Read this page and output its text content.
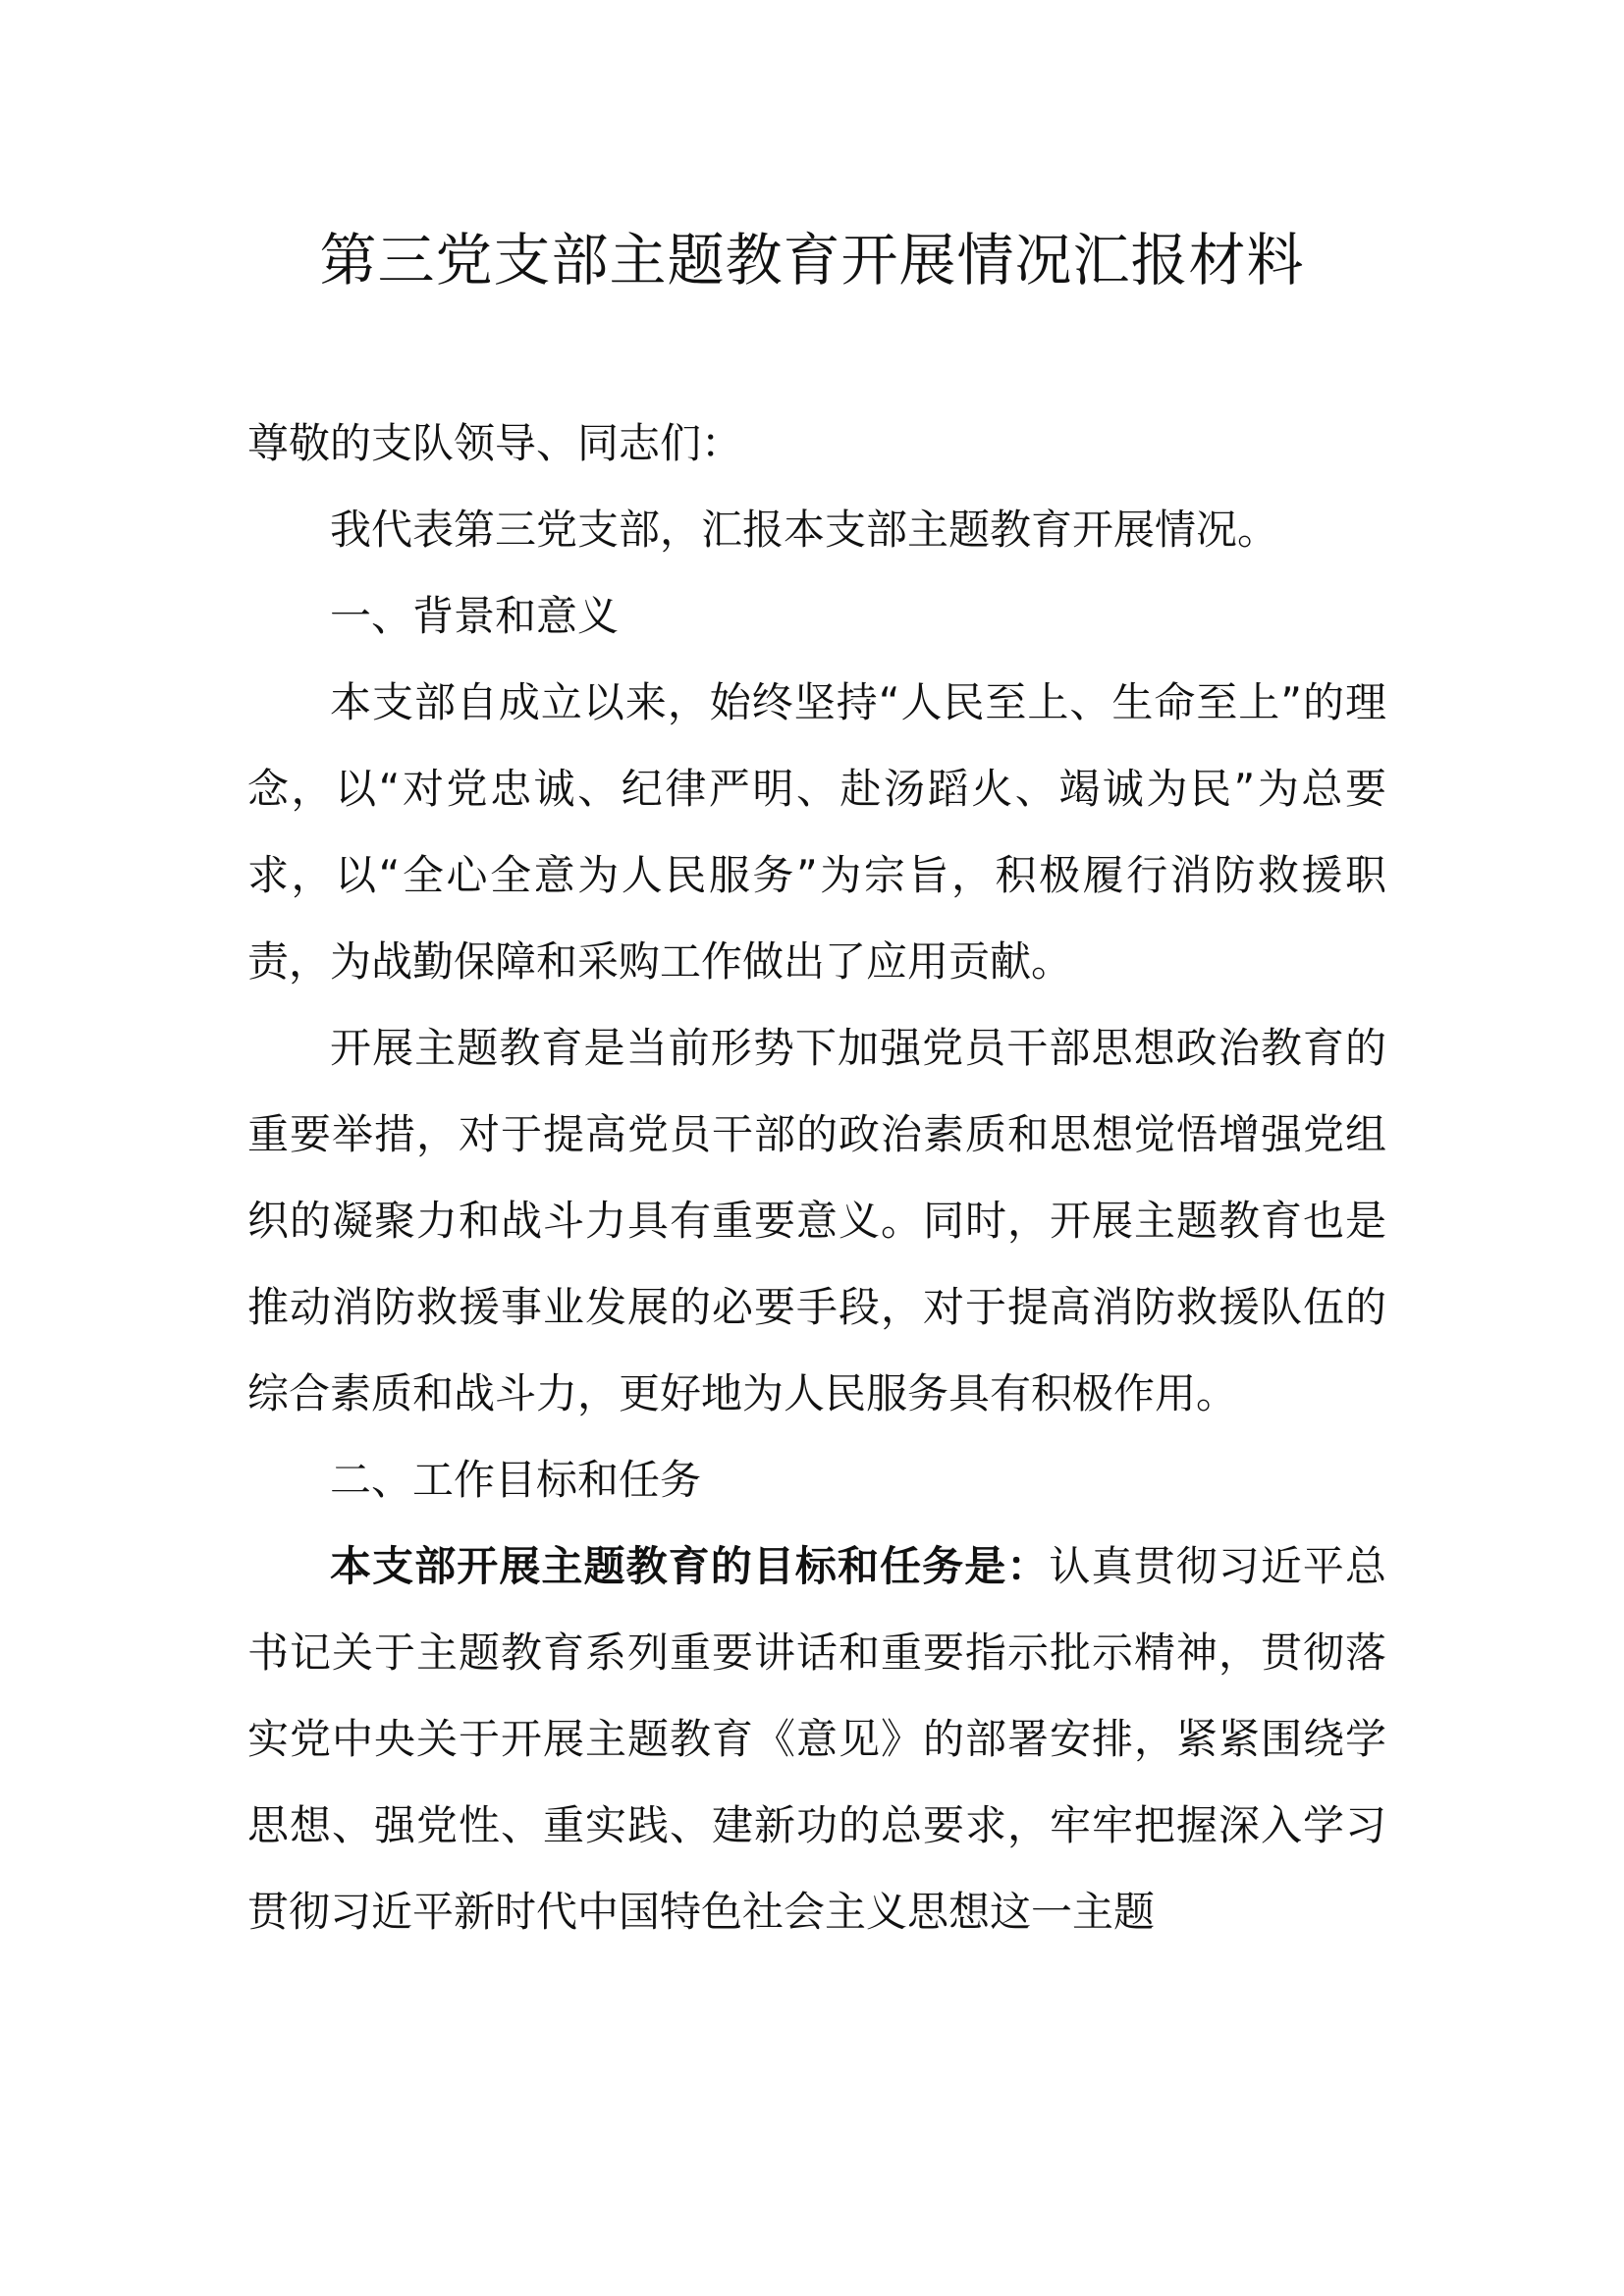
第三党支部主题教育开展情况汇报材料

尊敬的支队领导、同志们：

我代表第三党支部，汇报本支部主题教育开展情况。

一、背景和意义

本支部自成立以来，始终坚持“人民至上、生命至上”的理念，以“对党忠诚、纪律严明、赴汤蹈火、竭诚为民”为总要求，以“全心全意为人民服务”为宗旨，积极履行消防救援职责，为战勤保障和采购工作做出了应用贡献。

开展主题教育是当前形势下加强党员干部思想政治教育的重要举措，对于提高党员干部的政治素质和思想觉悟增强党组织的凝聚力和战斗力具有重要意义。同时，开展主题教育也是推动消防救援事业发展的必要手段，对于提高消防救援队伍的综合素质和战斗力，更好地为人民服务具有积极作用。

二、工作目标和任务

本支部开展主题教育的目标和任务是：认真贯彻习近平总书记关于主题教育系列重要讲话和重要指示批示精神，贯彻落实党中央关于开展主题教育《意见》的部署安排，紧紧围绕学思想、强党性、重实践、建新功的总要求，牢牢把握深入学习贯彻习近平新时代中国特色社会主义思想这一主题
